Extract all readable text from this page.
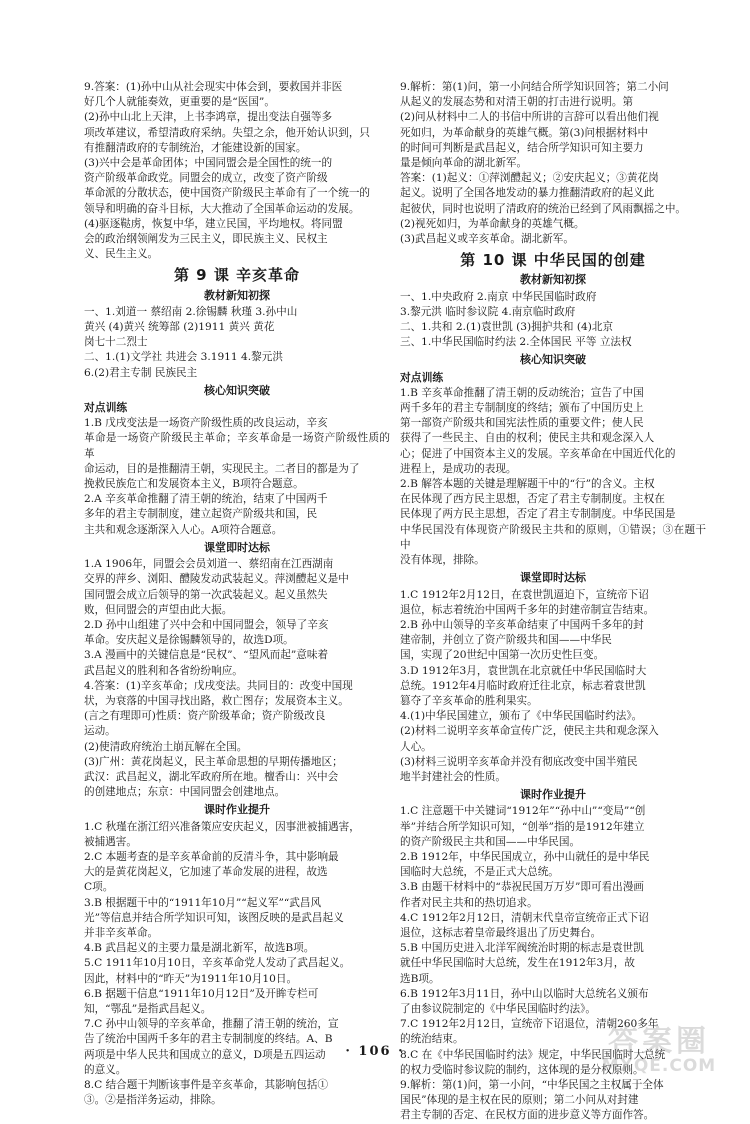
9.答案：(1)孙中山从社会现实中体会到，要救国并非医

好几个人就能奏效，更重要的是“医国”。

(2)孙中山北上天津，上书李鸿章，提出变法自强等多

项改革建议，希望清政府采纳。失望之余，他开始认识到，只

有推翻清政府的专制统治，才能建设新的国家。

(3)兴中会是革命团体；中国同盟会是全国性的统一的

资产阶级革命政党。同盟会的成立，改变了资产阶级

革命派的分散状态，使中国资产阶级民主革命有了一个统一的

领导和明确的奋斗目标，大大推动了全国革命运动的发展。

(4)驱逐鞑虏，恢复中华，建立民国，平均地权。将同盟

会的政治纲领阐发为三民主义，即民族主义、民权主

义、民生主义。

第 9 课 辛亥革命
教材新知初探

一、1.刘道一 蔡绍南 2.徐锡麟 秋瑾 3.孙中山

黄兴 (4)黄兴 统筹部 (2)1911 黄兴 黄花

岗七十二烈士

二、1.(1)文学社 共进会 3.1911 4.黎元洪

6.(2)君主专制 民族民主

核心知识突破
对点训练

1.B 戊戌变法是一场资产阶级性质的改良运动，辛亥

革命是一场资产阶级民主革命；辛亥革命是一场资产阶级性质的革

命运动，目的是推翻清王朝，实现民主。二者目的都是为了

挽救民族危亡和发展资本主义，B项符合题意。

2.A 辛亥革命推翻了清王朝的统治，结束了中国两千

多年的君主专制制度，建立起资产阶级共和国，民

主共和观念逐渐深入人心。A项符合题意。

课堂即时达标

1.A 1906年，同盟会会员刘道一、蔡绍南在江西湖南

交界的萍乡、浏阳、醴陵发动武装起义。萍浏醴起义是中

国同盟会成立后领导的第一次武装起义。起义虽然失

败，但同盟会的声望由此大振。

2.D 孙中山组建了兴中会和中国同盟会，领导了辛亥

革命。安庆起义是徐锡麟领导的，故选D项。

3.A 漫画中的关键信息是“民权”、“望风而起”意味着

武昌起义的胜利和各省纷纷响应。

4.答案：(1)辛亥革命；戊戌变法。共同目的：改变中国现

状，为衰落的中国寻找出路，救亡图存；发展资本主义。

(言之有理即可)性质：资产阶级革命；资产阶级改良

运动。

(2)使清政府统治土崩瓦解在全国。

(3)广州：黄花岗起义，民主革命思想的早期传播地区；

武汉：武昌起义，湖北军政府所在地。檀香山：兴中会

的创建地点；东京：中国同盟会创建地点。

课时作业提升

1.C 秋瑾在浙江绍兴准备策应安庆起义，因事泄被捕遇害，

被捕遇害。

2.C 本题考查的是辛亥革命前的反清斗争，其中影响最

大的是黄花岗起义，它加速了革命发展的进程，故选

C项。

3.B 根据题干中的“1911年10月”“起义军”“武昌风

光”等信息并结合所学知识可知，该图反映的是武昌起义

并非辛亥革命。

4.B 武昌起义的主要力量是湖北新军，故选B项。

5.C 1911年10月10日，辛亥革命党人发动了武昌起义。

因此，材料中的“昨天”为1911年10月10日。

6.B 据题干信息“1911年10月12日”及开眸专栏可

知，“鄂乱”是指武昌起义。

7.C 孙中山领导的辛亥革命，推翻了清王朝的统治，宣

告了统治中国两千多年的君主专制制度的终结。A、B

两项是中华人民共和国成立的意义，D项是五四运动

的意义。

8.C 结合题干判断该事件是辛亥革命，其影响包括①

③。②是指洋务运动，排除。

9.解析：第(1)问，第一小问结合所学知识回答；第二小问

从起义的发展态势和对清王朝的打击进行说明。第

(2)问从材料中二人的书信中所讲的言辞可以看出他们视

死如归，为革命献身的英雄气概。第(3)问根据材料中

的时间可判断是武昌起义，结合所学知识可知主要力

量是倾向革命的湖北新军。

答案：(1)起义：①萍浏醴起义；②安庆起义；③黄花岗

起义。说明了全国各地发动的暴力推翻清政府的起义此

起彼伏，同时也说明了清政府的统治已经到了风雨飘摇之中。

(2)视死如归，为革命献身的英雄气概。

(3)武昌起义或辛亥革命。湖北新军。

第 10 课 中华民国的创建
教材新知初探

一、1.中央政府 2.南京 中华民国临时政府

3.黎元洪 临时参议院 4.南京临时政府

二、1.共和 2.(1)袁世凯 (3)拥护共和 (4)北京

三、1.中华民国临时约法 2.全体国民 平等 立法权

核心知识突破
对点训练

1.B 辛亥革命推翻了清王朝的反动统治；宣告了中国

两千多年的君主专制制度的终结；颁布了中国历史上

第一部资产阶级共和国宪法性质的重要文件；使人民

获得了一些民主、自由的权利；使民主共和观念深入人

心；促进了中国资本主义的发展。辛亥革命在中国近代化的

进程上，是成功的表现。

2.B 解答本题的关键是理解题干中的“行”的含义。主权

在民体现了西方民主思想，否定了君主专制制度。主权在

民体现了两方民主思想，否定了君主专制制度。中华民国是

中华民国没有体现资产阶级民主共和的原则，①错误；③在题干中

没有体现，排除。

课堂即时达标

1.C 1912年2月12日，在袁世凯逼迫下，宣统帝下诏

退位，标志着统治中国两千多年的封建帝制宣告结束。

2.B 孙中山领导的辛亥革命结束了中国两千多年的封

建帝制，并创立了资产阶级共和国——中华民

国，实现了20世纪中国第一次历史性巨变。

3.D 1912年3月，袁世凯在北京就任中华民国临时大

总统。1912年4月临时政府迁往北京，标志着袁世凯

篡夺了辛亥革命的胜利果实。

4.(1)中华民国建立，颁布了《中华民国临时约法》。

(2)材料二说明辛亥革命宣传广泛，使民主共和观念深入

人心。

(3)材料三说明辛亥革命并没有彻底改变中国半殖民

地半封建社会的性质。

课时作业提升

1.C 注意题干中关键词“1912年”“孙中山”“变局”“创

举”并结合所学知识可知，“创举”指的是1912年建立

的资产阶级民主共和国——中华民国。

2.B 1912年，中华民国成立，孙中山就任的是中华民

国临时大总统，不是正式大总统。

3.B 由题干材料中的“恭祝民国万万岁”即可看出漫画

作者对民主共和的热切追求。

4.C 1912年2月12日，清朝末代皇帝宣统帝正式下诏

退位，这标志着皇帝最终退出了历史舞台。

5.B 中国历史进入北洋军阀统治时期的标志是袁世凯

就任中华民国临时大总统，发生在1912年3月，故

选B项。

6.B 1912年3月11日，孙中山以临时大总统名义颁布

了由参议院制定的《中华民国临时约法》。

7.C 1912年2月12日，宣统帝下诏退位，清朝260多年

的统治结束。

8.C 在《中华民国临时约法》规定，中华民国临时大总统

的权力受临时参议院的制约，这体现的是分权原则。

9.解析：第(1)问，第一小问，“中华民国之主权属于全体

国民”体现的是主权在民的原则；第二小问从对封建

君主专制的否定、在民权方面的进步意义等方面作答。

· 106 ·	答案圈
MXQE.COM
